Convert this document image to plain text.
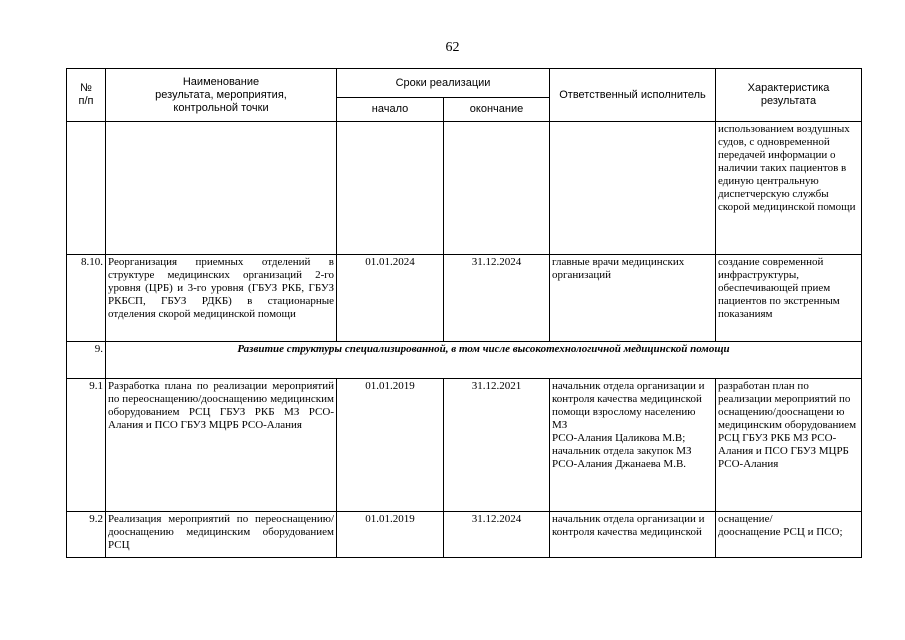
62
№
п/п	Наименование
результата, мероприятия,
контрольной точки	Сроки реализации		Ответственный исполнитель	Характеристика
результата
		начало	окончание		
					использованием воздушных судов, с одновременной передачей информации о наличии таких пациентов в единую центральную диспетчерскую службы скорой медицинской помощи
8.10.	Реорганизация приемных отделений в структуре медицинских организаций 2-го уровня (ЦРБ) и 3-го уровня (ГБУЗ РКБ, ГБУЗ РКБСП, ГБУЗ РДКБ) в стационарные отделения скорой медицинской помощи	01.01.2024	31.12.2024	главные врачи медицинских организаций	создание современной инфраструктуры, обеспечивающей прием пациентов по экстренным показаниям
9.	Развитие структуры специализированной, в том числе высокотехнологичной медицинской помощи				
9.1	Разработка плана по реализации мероприятий по переоснащению/дооснащению медицинским оборудованием РСЦ ГБУЗ РКБ МЗ РСО-Алания и ПСО ГБУЗ МЦРБ РСО-Алания	01.01.2019	31.12.2021	начальник отдела организации и контроля качества медицинской помощи взрослому населению МЗ
РСО-Алания Цаликова М.В; начальник отдела закупок МЗ РСО-Алания Джанаева М.В.	разработан план по реализации мероприятий по оснащению/дооснащени ю медицинским оборудованием РСЦ ГБУЗ РКБ МЗ РСО-Алания и ПСО ГБУЗ МЦРБ РСО-Алания
9.2	Реализация мероприятий по переоснащению/дооснащению медицинским оборудованием РСЦ	01.01.2019	31.12.2024	начальник отдела организации и контроля качества медицинской	оснащение/
дооснащение РСЦ и ПСО;
